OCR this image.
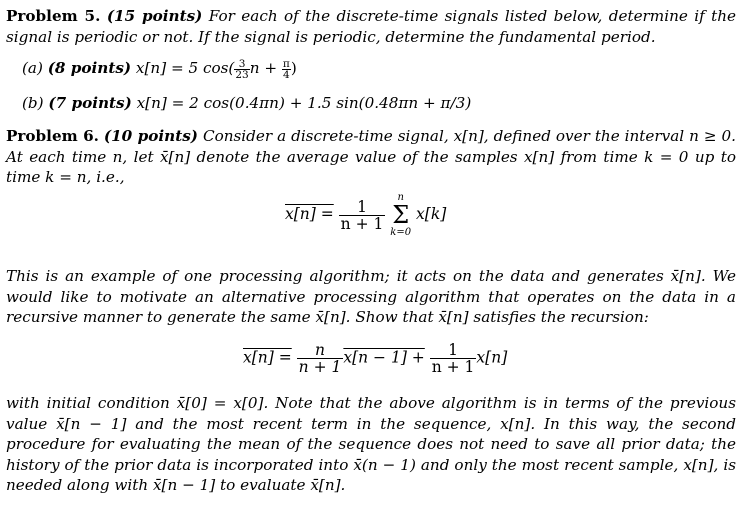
Problem 5. (15 points) For each of the discrete-time signals listed below, determine if the signal is periodic or not. If the signal is periodic, determine the fundamental period.
(a) (8 points) x[n] = 5 $\cos( \frac{3}{23}$ $n + \frac{\pi}{4}$ )
(b) (7 points) x[n] = 2 cos(0.4πn) + 1.5 sin(0.48πn + π/3)
Problem 6. (10 points) Consider a discrete-time signal, x[n], defined over the interval n ≥ 0. At each time n, let x̄[n] denote the average value of the samples x[n] from time k = 0 up to time k = n, i.e.,
$x[n] = \frac{1}{n + 1}$

n
Σ
k=0
x[k]
This is an example of one processing algorithm; it acts on the data and generates x̄[n]. We would like to motivate an alternative processing algorithm that operates on the data in a recursive manner to generate the same x̄[n]. Show that x̄[n] satisfies the recursion:
$x[n] = \frac{n}{n + 1} x[n - 1] + \frac{1}{n + 1} x[n]$
with initial condition x̄[0] = x[0]. Note that the above algorithm is in terms of the previous value x̄[n − 1] and the most recent term in the sequence, x[n]. In this way, the second procedure for evaluating the mean of the sequence does not need to save all prior data; the history of the prior data is incorporated into x̄(n − 1) and only the most recent sample, x[n], is needed along with x̄[n − 1] to evaluate x̄[n].
